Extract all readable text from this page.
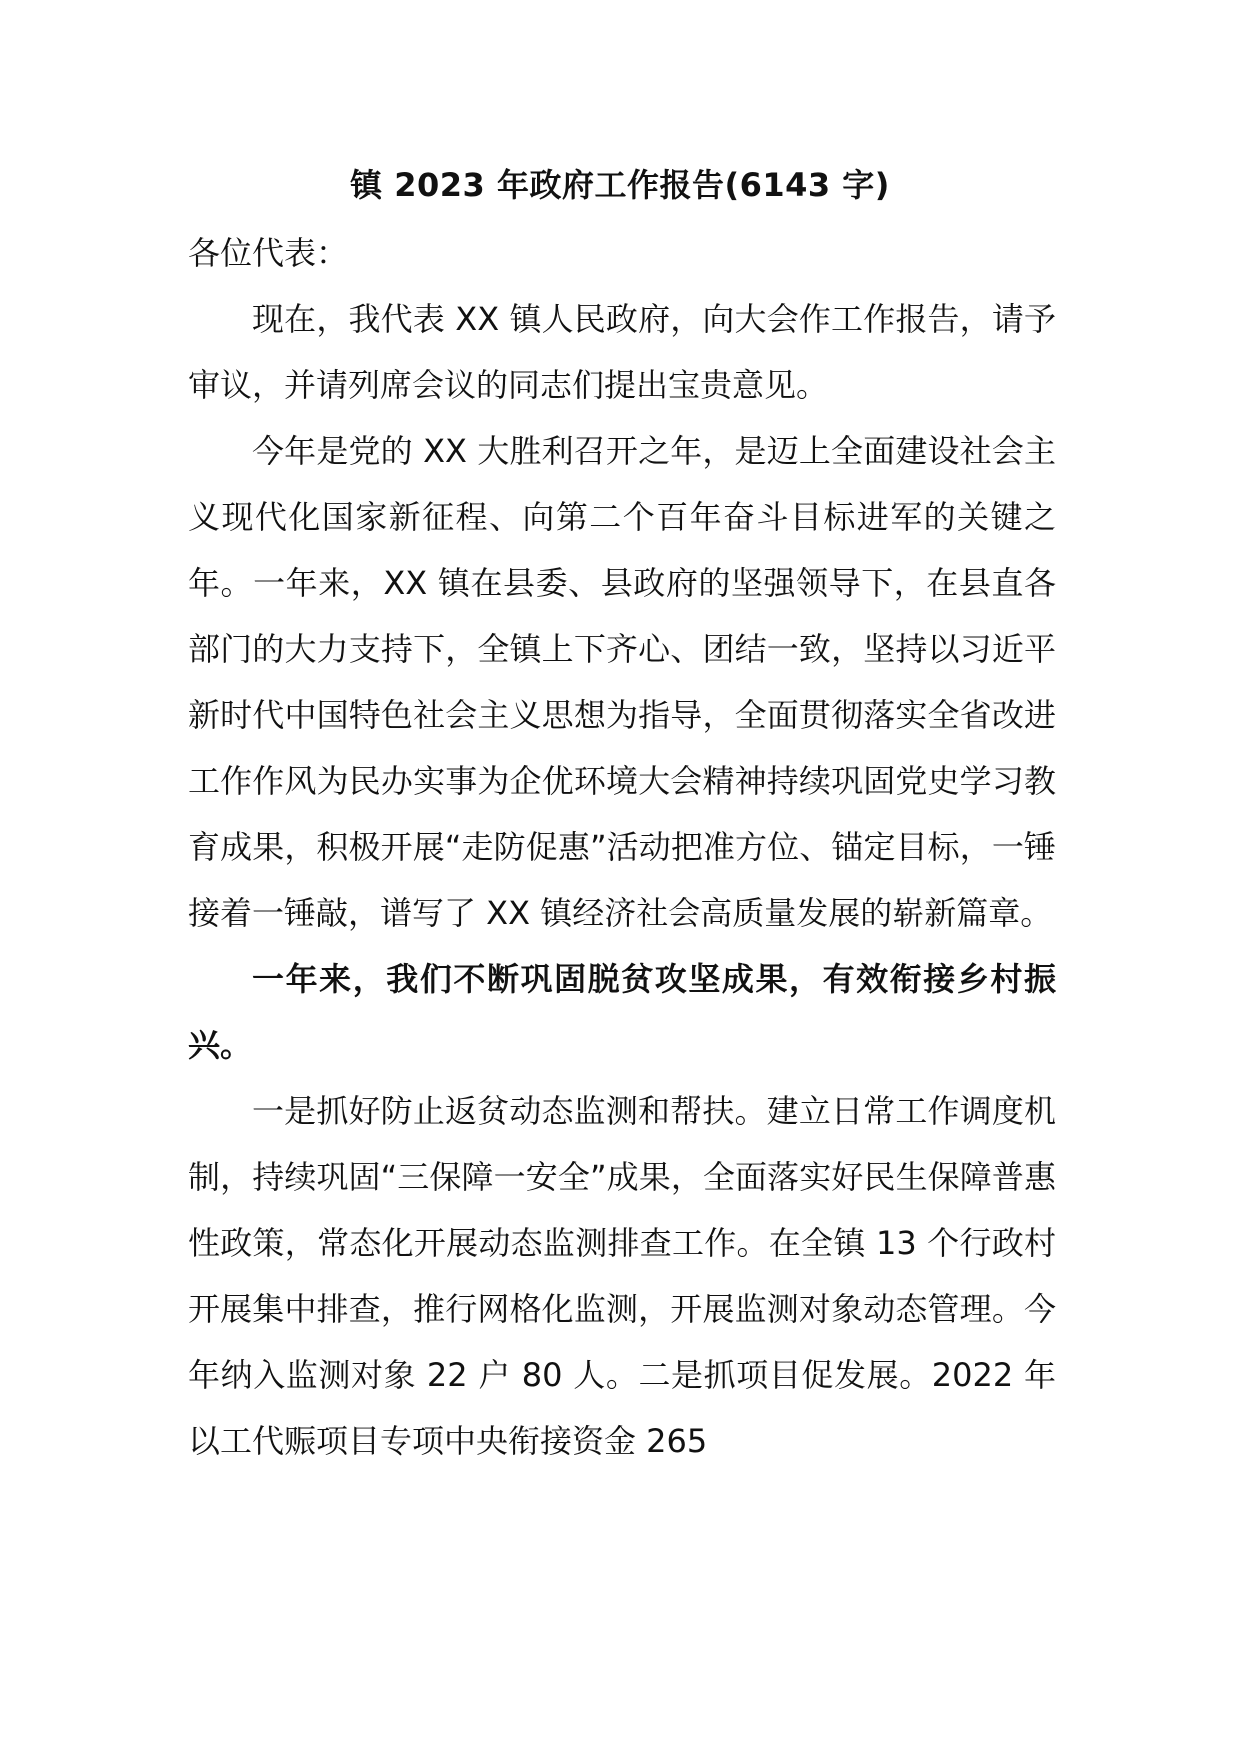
镇 2023 年政府工作报告(6143 字)

各位代表：

现在，我代表 XX 镇人民政府，向大会作工作报告，请予审议，并请列席会议的同志们提出宝贵意见。

今年是党的 XX 大胜利召开之年，是迈上全面建设社会主义现代化国家新征程、向第二个百年奋斗目标进军的关键之年。一年来，XX 镇在县委、县政府的坚强领导下，在县直各部门的大力支持下，全镇上下齐心、团结一致，坚持以习近平新时代中国特色社会主义思想为指导，全面贯彻落实全省改进工作作风为民办实事为企优环境大会精神持续巩固党史学习教育成果，积极开展“走防促惠”活动把准方位、锚定目标，一锤接着一锤敲，谱写了 XX 镇经济社会高质量发展的崭新篇章。

一年来，我们不断巩固脱贫攻坚成果，有效衔接乡村振兴。

一是抓好防止返贫动态监测和帮扶。建立日常工作调度机制，持续巩固“三保障一安全”成果，全面落实好民生保障普惠性政策，常态化开展动态监测排查工作。在全镇 13 个行政村开展集中排查，推行网格化监测，开展监测对象动态管理。今年纳入监测对象 22 户 80 人。二是抓项目促发展。2022 年以工代赈项目专项中央衔接资金 265
